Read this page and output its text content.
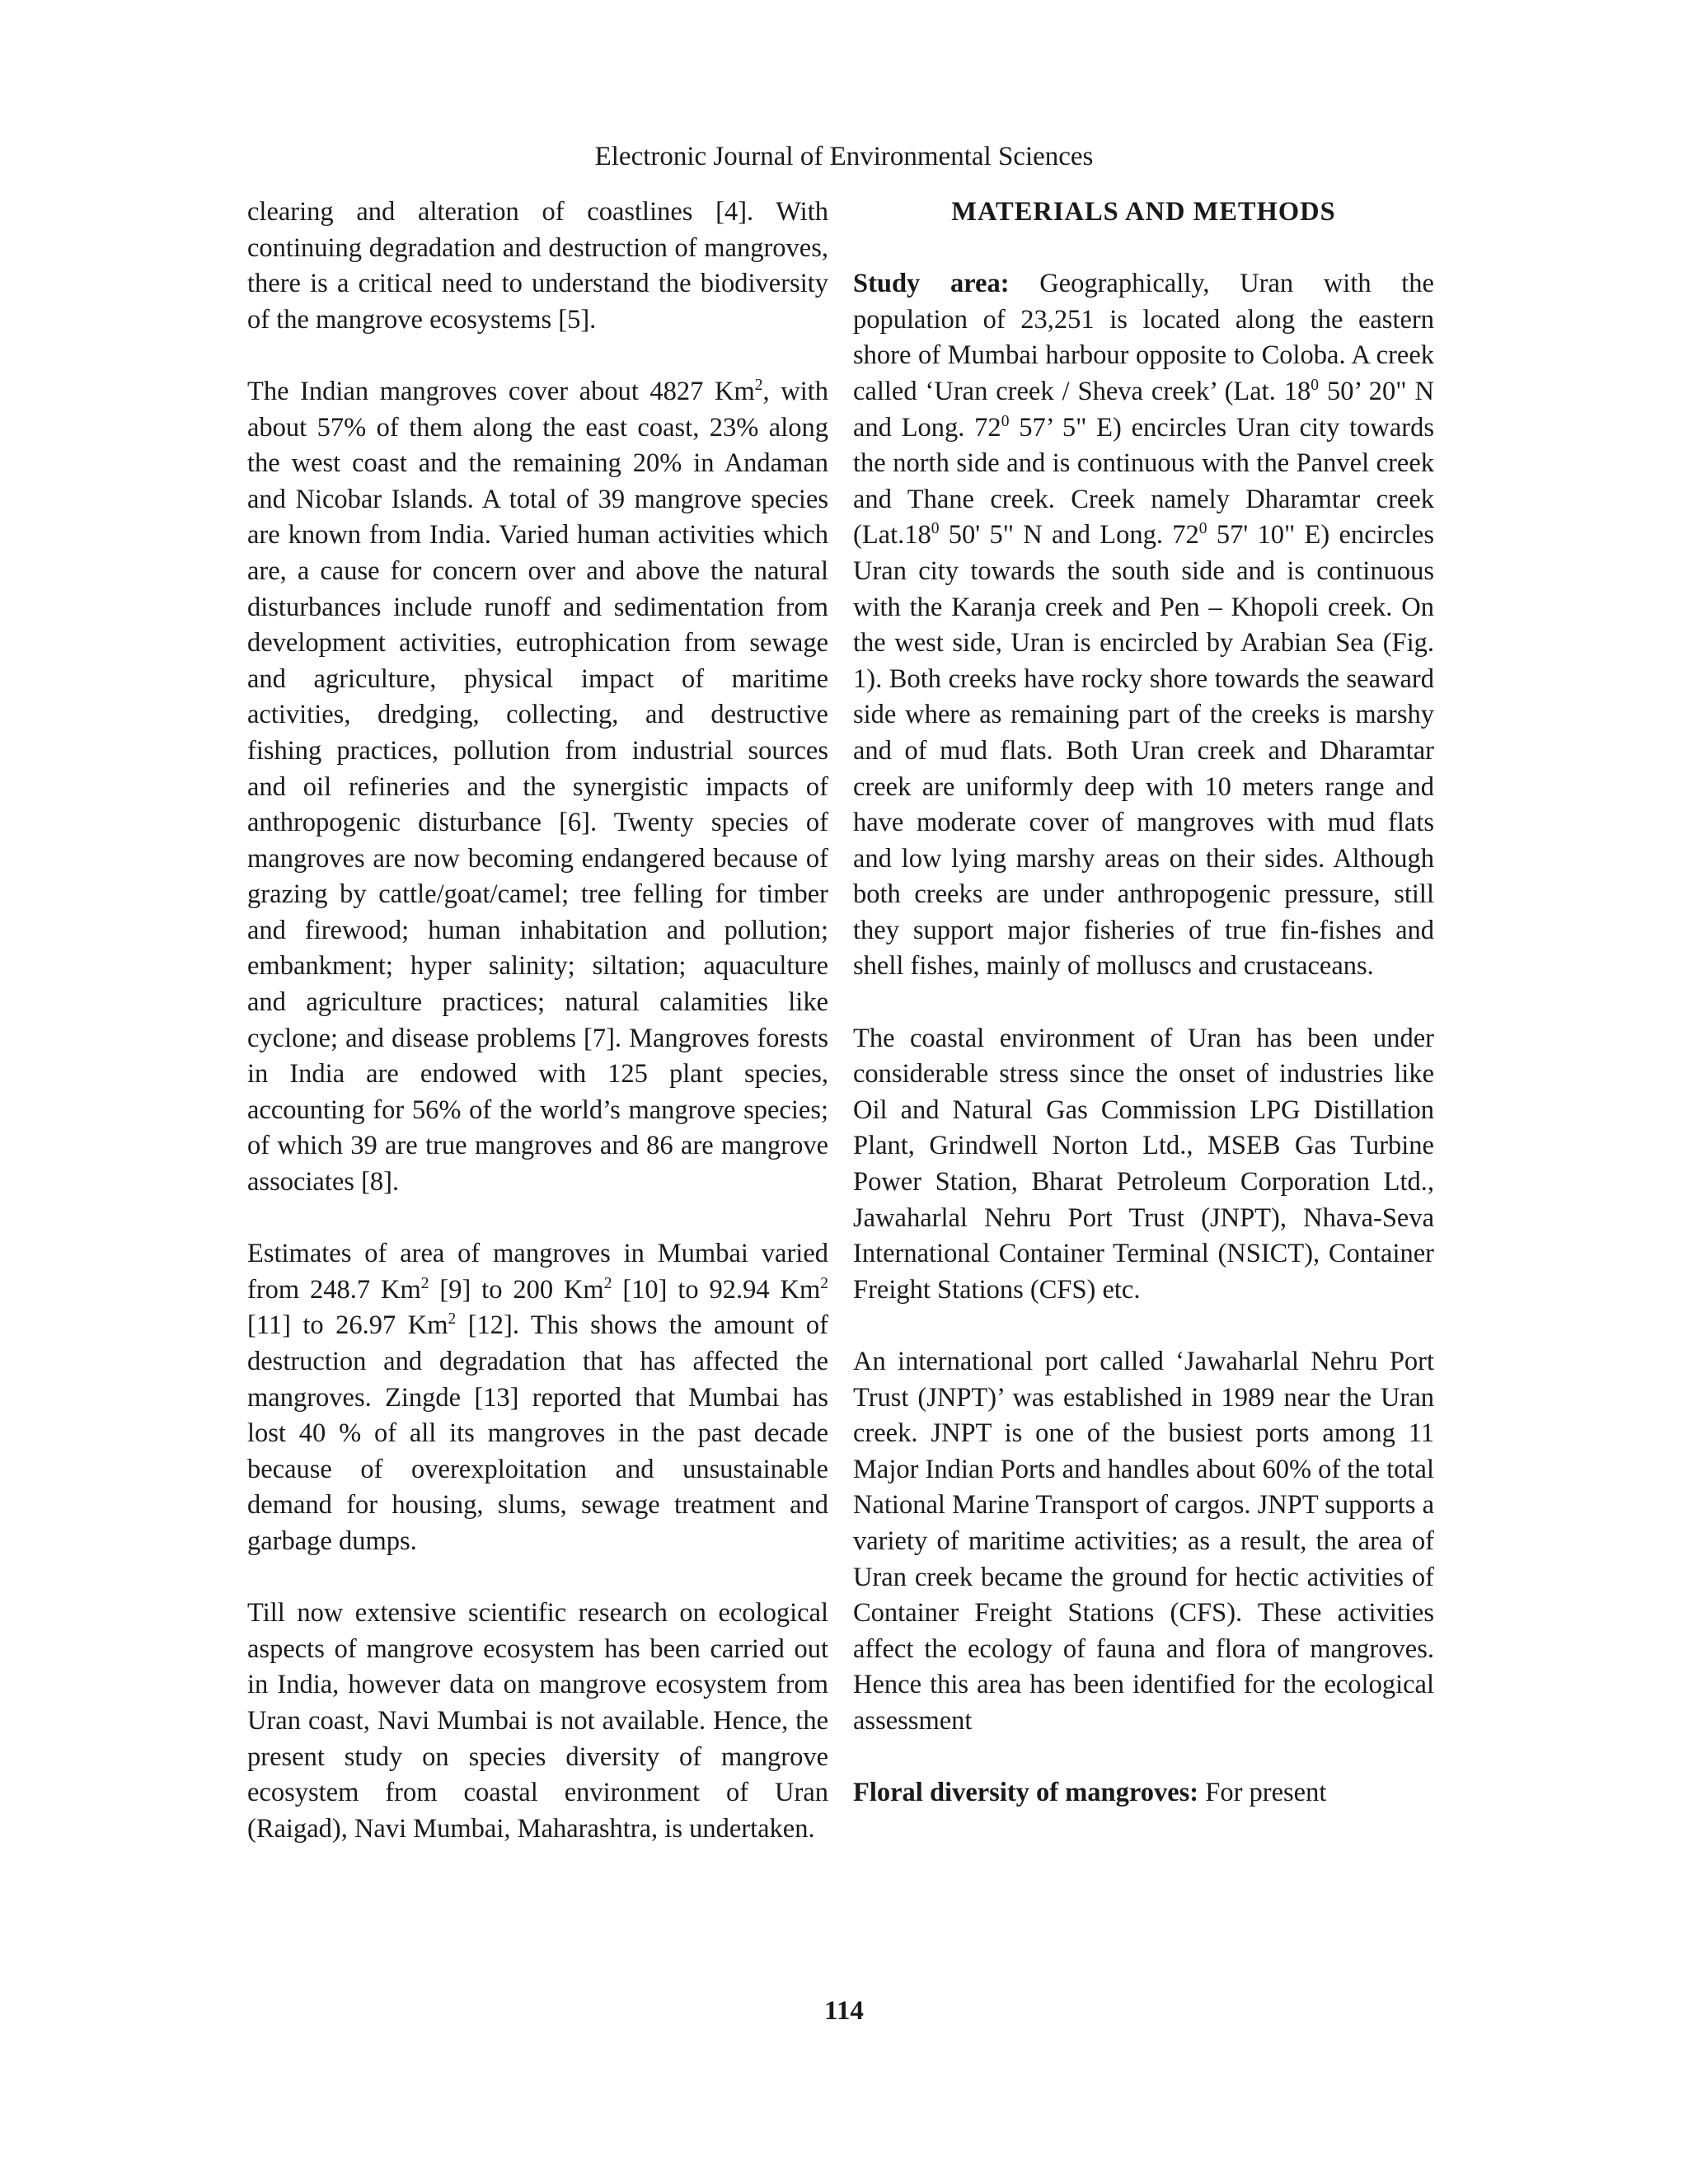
Electronic Journal of Environmental Sciences

clearing and alteration of coastlines [4]. With continuing degradation and destruction of mangroves, there is a critical need to understand the biodiversity of the mangrove ecosystems [5].

The Indian mangroves cover about 4827 Km$^2$, with about 57% of them along the east coast, 23% along the west coast and the remaining 20% in Andaman and Nicobar Islands. A total of 39 mangrove species are known from India. Varied human activities which are, a cause for concern over and above the natural disturbances include runoff and sedimentation from development activities, eutrophication from sewage and agriculture, physical impact of maritime activities, dredging, collecting, and destructive fishing practices, pollution from industrial sources and oil refineries and the synergistic impacts of anthropogenic disturbance [6]. Twenty species of mangroves are now becoming endangered because of grazing by cattle/goat/camel; tree felling for timber and firewood; human inhabitation and pollution; embankment; hyper salinity; siltation; aquaculture and agriculture practices; natural calamities like cyclone; and disease problems [7]. Mangroves forests in India are endowed with 125 plant species, accounting for 56% of the world’s mangrove species; of which 39 are true mangroves and 86 are mangrove associates [8].

Estimates of area of mangroves in Mumbai varied from 248.7 Km$^2$ [9] to 200 Km$^2$ [10] to 92.94 Km$^2$ [11] to 26.97 Km$^2$ [12]. This shows the amount of destruction and degradation that has affected the mangroves. Zingde [13] reported that Mumbai has lost 40 % of all its mangroves in the past decade because of overexploitation and unsustainable demand for housing, slums, sewage treatment and garbage dumps.

Till now extensive scientific research on ecological aspects of mangrove ecosystem has been carried out in India, however data on mangrove ecosystem from Uran coast, Navi Mumbai is not available. Hence, the present study on species diversity of mangrove ecosystem from coastal environment of Uran (Raigad), Navi Mumbai, Maharashtra, is undertaken.

MATERIALS AND METHODS

Study area: Geographically, Uran with the population of 23,251 is located along the eastern shore of Mumbai harbour opposite to Coloba. A creek called ‘Uran creek / Sheva creek’ (Lat. $18^0$ 50’ 20" N and Long. $72^0$ 57’ 5" E) encircles Uran city towards the north side and is continuous with the Panvel creek and Thane creek. Creek namely Dharamtar creek ($Lat.18^0$ 50' 5" N and Long. $72^0$ 57' 10" E) encircles Uran city towards the south side and is continuous with the Karanja creek and Pen – Khopoli creek. On the west side, Uran is encircled by Arabian Sea (Fig. 1). Both creeks have rocky shore towards the seaward side where as remaining part of the creeks is marshy and of mud flats. Both Uran creek and Dharamtar creek are uniformly deep with 10 meters range and have moderate cover of mangroves with mud flats and low lying marshy areas on their sides. Although both creeks are under anthropogenic pressure, still they support major fisheries of true fin-fishes and shell fishes, mainly of molluscs and crustaceans.

The coastal environment of Uran has been under considerable stress since the onset of industries like Oil and Natural Gas Commission LPG Distillation Plant, Grindwell Norton Ltd., MSEB Gas Turbine Power Station, Bharat Petroleum Corporation Ltd., Jawaharlal Nehru Port Trust (JNPT), Nhava-Seva International Container Terminal (NSICT), Container Freight Stations (CFS) etc.

An international port called ‘Jawaharlal Nehru Port Trust (JNPT)’ was established in 1989 near the Uran creek. JNPT is one of the busiest ports among 11 Major Indian Ports and handles about 60% of the total National Marine Transport of cargos. JNPT supports a variety of maritime activities; as a result, the area of Uran creek became the ground for hectic activities of Container Freight Stations (CFS). These activities affect the ecology of fauna and flora of mangroves. Hence this area has been identified for the ecological assessment

Floral diversity of mangroves: For present

114
